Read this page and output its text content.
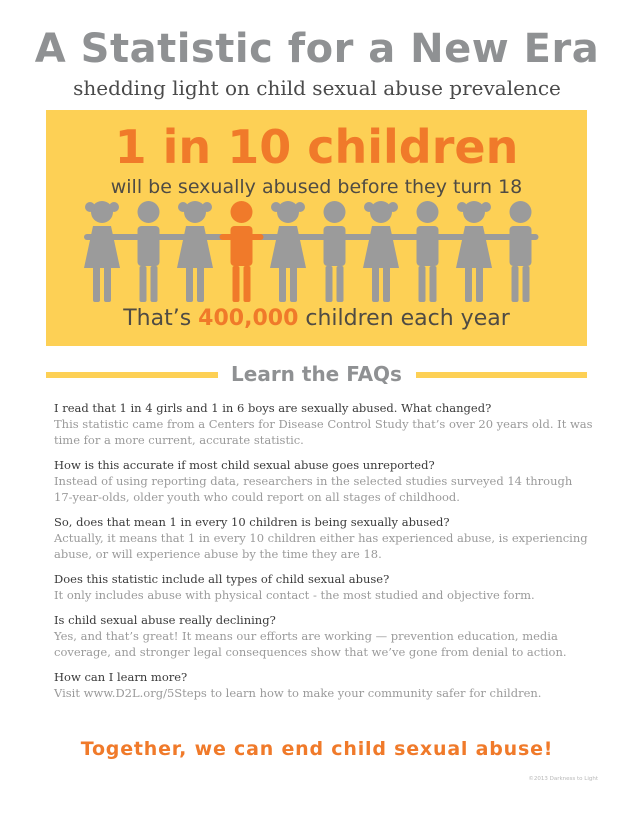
A Statistic for a New Era
shedding light on child sexual abuse prevalence
1 in 10 children
will be sexually abused before they turn 18
That’s 400,000 children each year
Learn the FAQs
I read that 1 in 4 girls and 1 in 6 boys are sexually abused. What changed?
This statistic came from a Centers for Disease Control Study that’s over 20 years old. It was time for a more current, accurate statistic.
How is this accurate if most child sexual abuse goes unreported?
Instead of using reporting data, researchers in the selected studies surveyed 14 through 17-year-olds, older youth who could report on all stages of childhood.
So, does that mean 1 in every 10 children is being sexually abused?
Actually, it means that 1 in every 10 children either has experienced abuse, is experiencing abuse, or will experience abuse by the time they are 18.
Does this statistic include all types of child sexual abuse?
It only includes abuse with physical contact - the most studied and objective form.
Is child sexual abuse really declining?
Yes, and that’s great! It means our efforts are working — prevention education, media coverage, and stronger legal consequences show that we’ve gone from denial to action.
How can I learn more?
Visit www.D2L.org/5Steps to learn how to make your community safer for children.
Together, we can end child sexual abuse!
©2013 Darkness to Light
